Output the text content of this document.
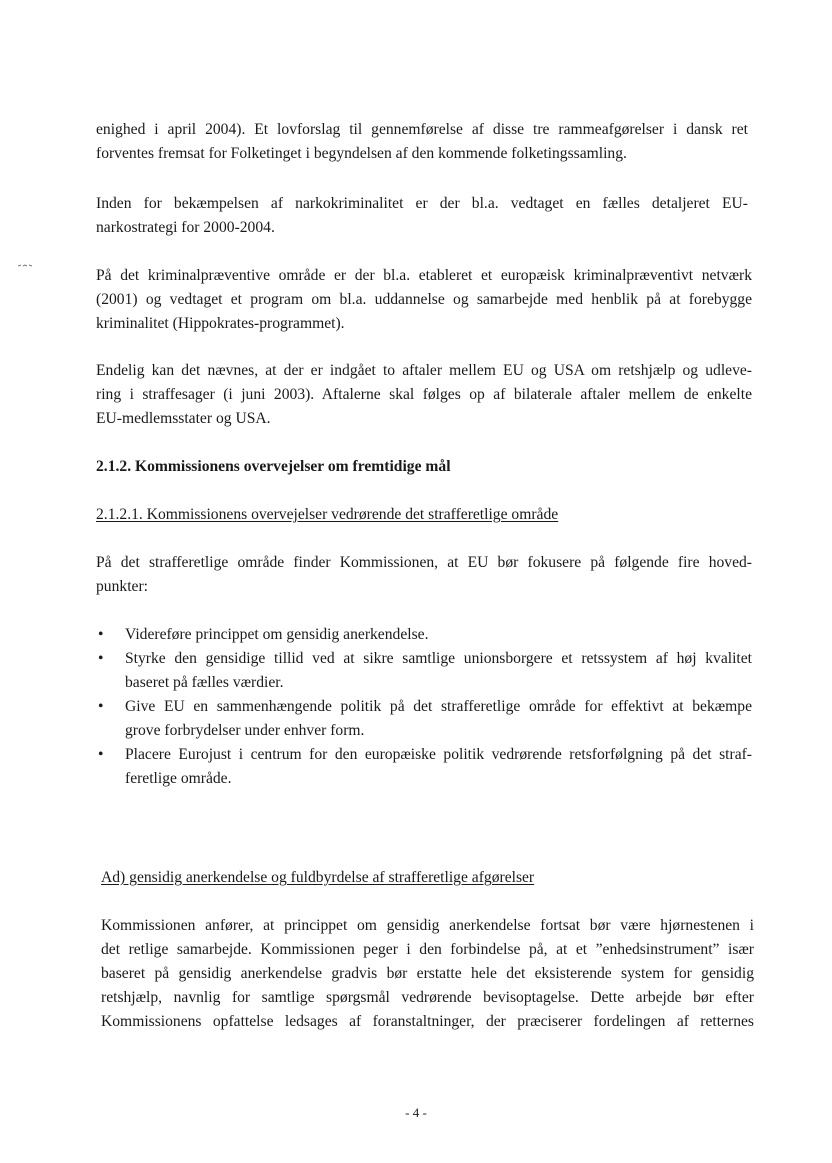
enighed i april 2004). Et lovforslag til gennemførelse af disse tre rammeafgørelser i dansk ret
forventes fremsat for Folketinget i begyndelsen af den kommende folketingssamling.

Inden for bekæmpelsen af narkokriminalitet er der bl.a. vedtaget en fælles detaljeret EU-
narkostrategi for 2000-2004.

På det kriminalpræventive område er der bl.a. etableret et europæisk kriminalpræventivt netværk
(2001) og vedtaget et program om bl.a. uddannelse og samarbejde med henblik på at forebygge
kriminalitet (Hippokrates-programmet).

Endelig kan det nævnes, at der er indgået to aftaler mellem EU og USA om retshjælp og udleve-
ring i straffesager (i juni 2003). Aftalerne skal følges op af bilaterale aftaler mellem de enkelte
EU-medlemsstater og USA.

2.1.2. Kommissionens overvejelser om fremtidige mål
2.1.2.1. Kommissionens overvejelser vedrørende det strafferetlige område

På det strafferetlige område finder Kommissionen, at EU bør fokusere på følgende fire hoved-
punkter:

• Videreføre princippet om gensidig anerkendelse.
• Styrke den gensidige tillid ved at sikre samtlige unionsborgere et retssystem af høj kvalitet
baseret på fælles værdier.
• Give EU en sammenhængende politik på det strafferetlige område for effektivt at bekæmpe
grove forbrydelser under enhver form.
• Placere Eurojust i centrum for den europæiske politik vedrørende retsforfølgning på det straf-
feretlige område.
Ad) gensidig anerkendelse og fuldbyrdelse af strafferetlige afgørelser

Kommissionen anfører, at princippet om gensidig anerkendelse fortsat bør være hjørnestenen i
det retlige samarbejde. Kommissionen peger i den forbindelse på, at et ”enhedsinstrument” især
baseret på gensidig anerkendelse gradvis bør erstatte hele det eksisterende system for gensidig
retshjælp, navnlig for samtlige spørgsmål vedrørende bevisoptagelse. Dette arbejde bør efter
Kommissionens opfattelse ledsages af foranstaltninger, der præciserer fordelingen af retternes

- 4 -
